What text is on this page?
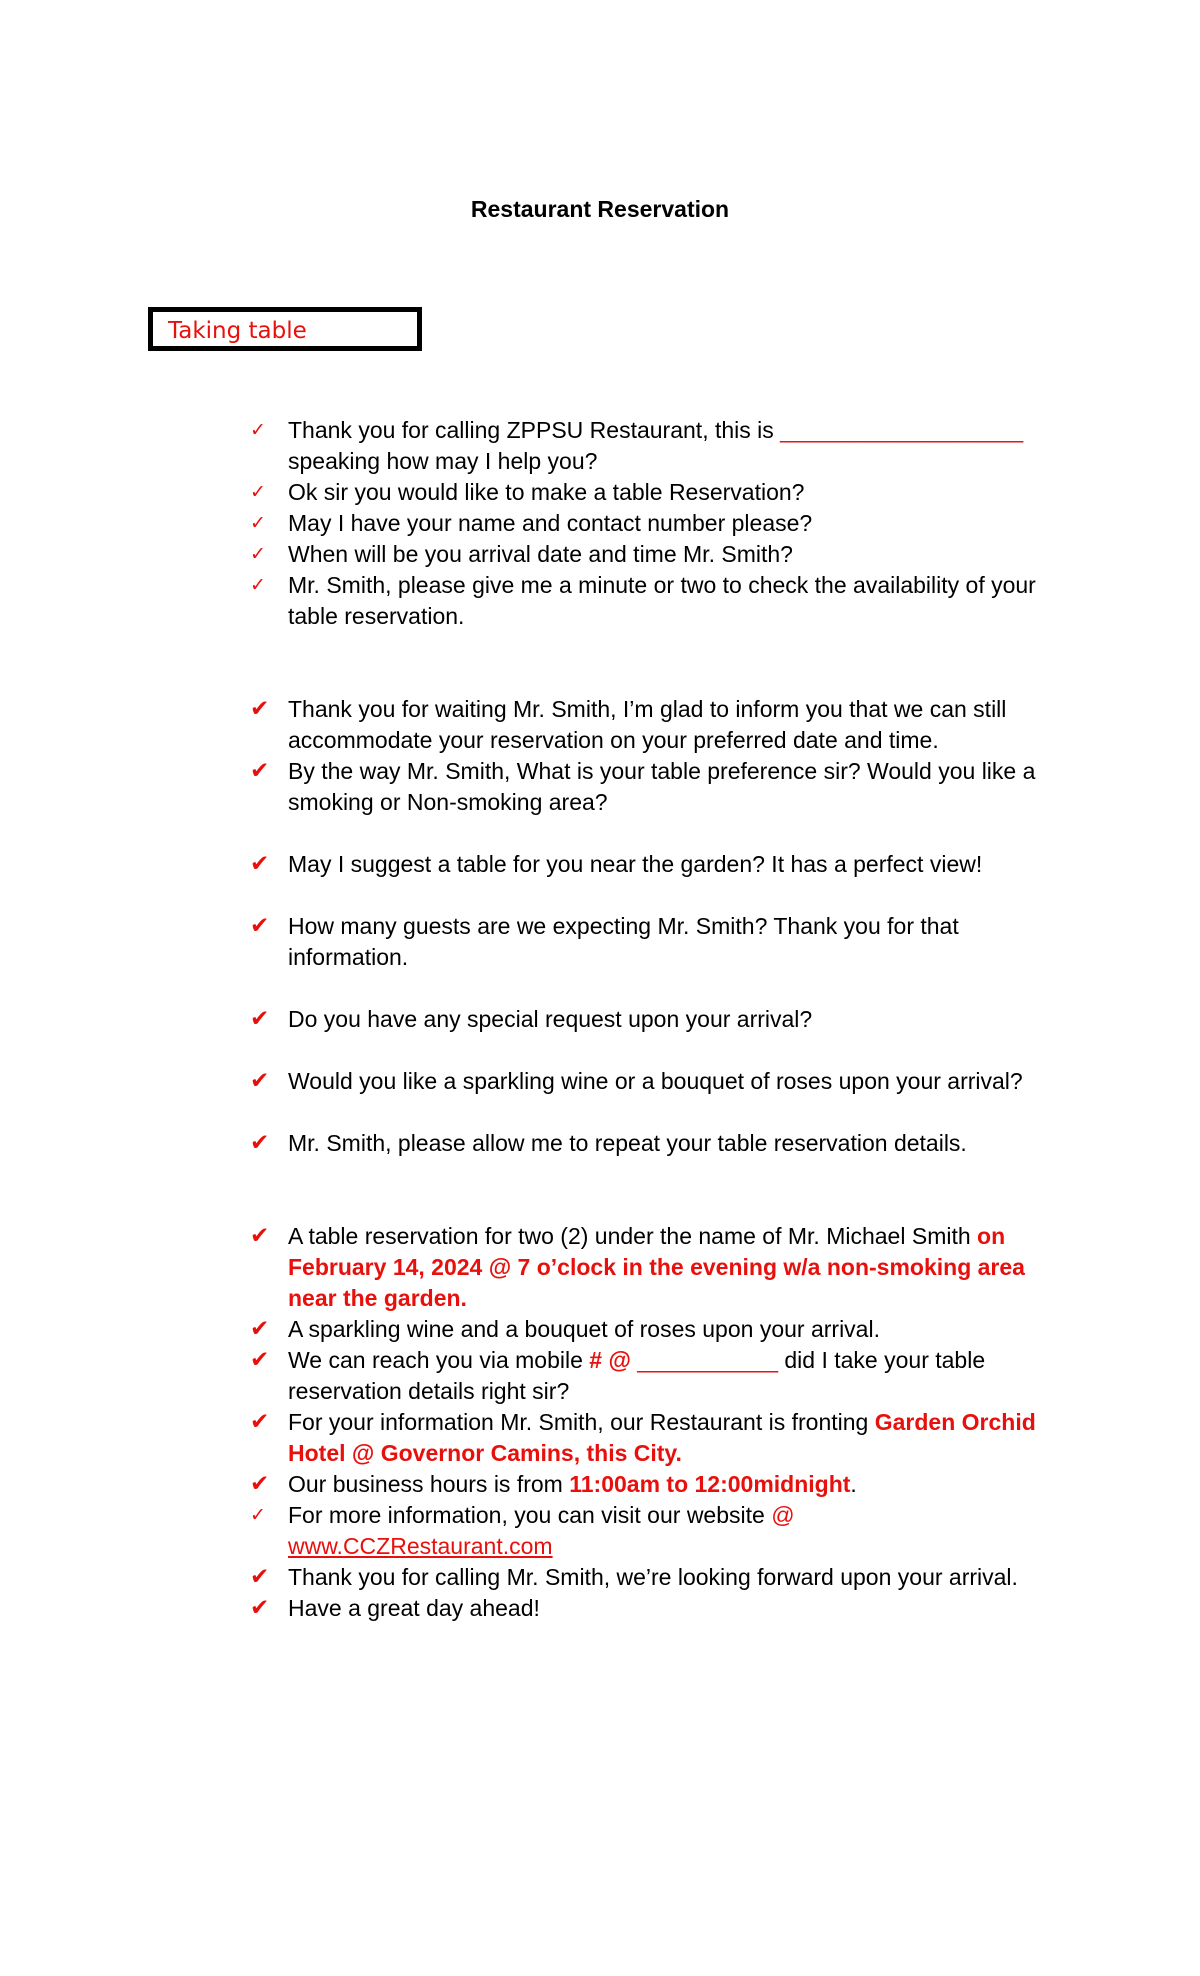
Restaurant Reservation
Taking table
✓ Thank you for calling ZPPSU Restaurant, this is ___________________ speaking how may I help you?
✓ Ok sir you would like to make a table Reservation?
✓ May I have your name and contact number please?
✓ When will be you arrival date and time Mr. Smith?
✓ Mr. Smith, please give me a minute or two to check the availability of your table reservation.
✔ Thank you for waiting Mr. Smith, I’m glad to inform you that we can still accommodate your reservation on your preferred date and time.
✔ By the way Mr. Smith, What is your table preference sir? Would you like a smoking or Non-smoking area?
✔ May I suggest a table for you near the garden? It has a perfect view!
✔ How many guests are we expecting Mr. Smith? Thank you for that information.
✔ Do you have any special request upon your arrival?
✔ Would you like a sparkling wine or a bouquet of roses upon your arrival?
✔ Mr. Smith, please allow me to repeat your table reservation details.
✔ A table reservation for two (2) under the name of Mr. Michael Smith on February 14, 2024 @ 7 o’clock in the evening w/a non-smoking area near the garden.
✔ A sparkling wine and a bouquet of roses upon your arrival.
✔ We can reach you via mobile # @ ___________ did I take your table reservation details right sir?
✔ For your information Mr. Smith, our Restaurant is fronting Garden Orchid Hotel @ Governor Camins, this City.
✔ Our business hours is from 11:00am to 12:00midnight.
✓ For more information, you can visit our website @
www.CCZRestaurant.com
✔ Thank you for calling Mr. Smith, we’re looking forward upon your arrival.
✔ Have a great day ahead!
